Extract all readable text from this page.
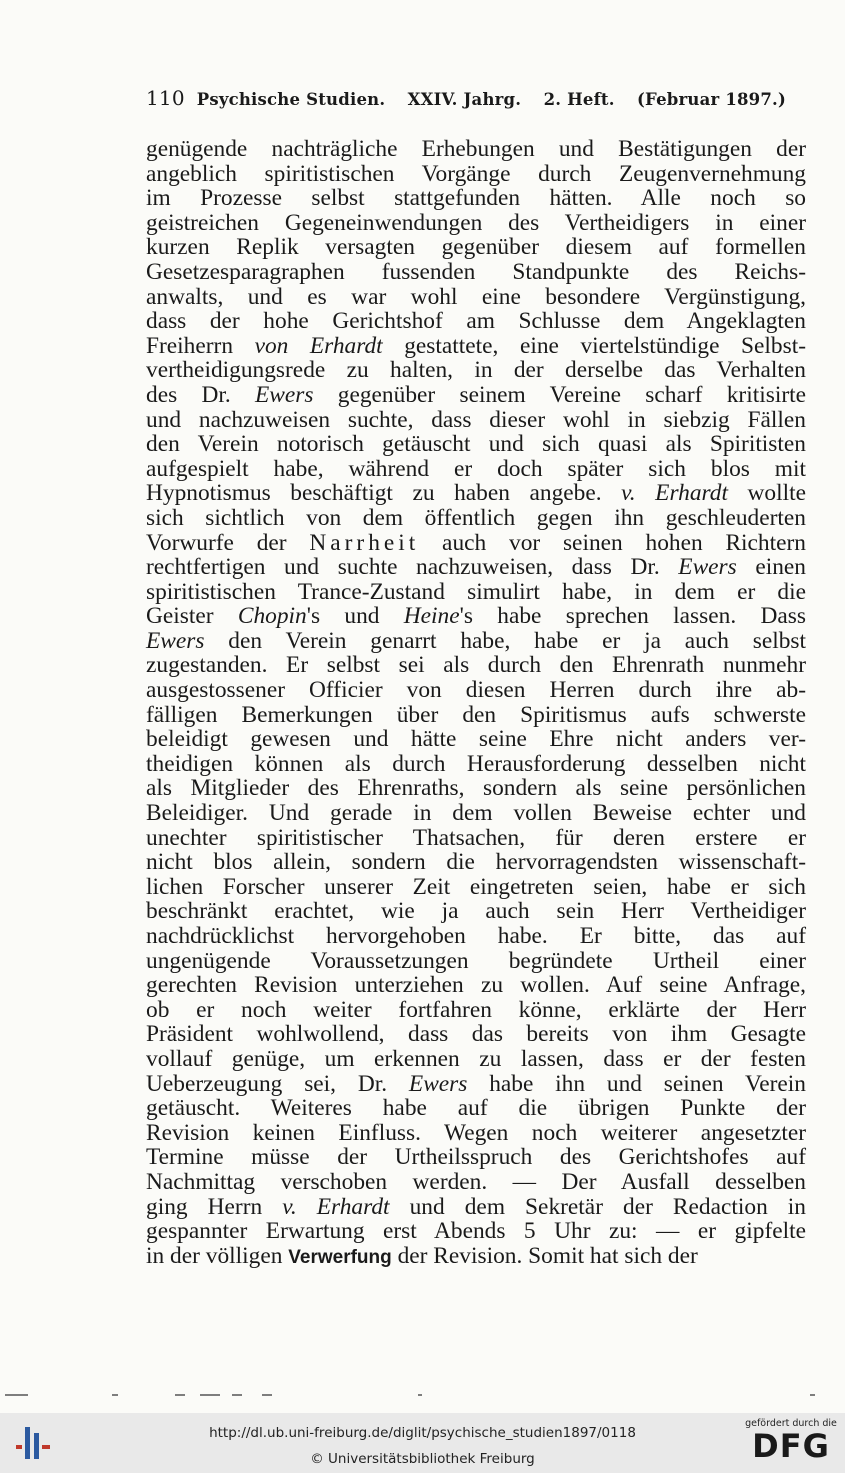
110 Psychische Studien. XXIV. Jahrg. 2. Heft. (Februar 1897.)
genügende nachträgliche Erhebungen und Bestätigungen der
angeblich spiritistischen Vorgänge durch Zeugenvernehmung
im Prozesse selbst stattgefunden hätten. Alle noch so
geistreichen Gegeneinwendungen des Vertheidigers in einer
kurzen Replik versagten gegenüber diesem auf formellen
Gesetzesparagraphen fussenden Standpunkte des Reichs-
anwalts, und es war wohl eine besondere Vergünstigung,
dass der hohe Gerichtshof am Schlusse dem Angeklagten
Freiherrn von Erhardt gestattete, eine viertelstündige Selbst-
vertheidigungsrede zu halten, in der derselbe das Verhalten
des Dr. Ewers gegenüber seinem Vereine scharf kritisirte
und nachzuweisen suchte, dass dieser wohl in siebzig Fällen
den Verein notorisch getäuscht und sich quasi als Spiritisten
aufgespielt habe, während er doch später sich blos mit
Hypnotismus beschäftigt zu haben angebe. v. Erhardt wollte
sich sichtlich von dem öffentlich gegen ihn geschleuderten
Vorwurfe der Narrheit auch vor seinen hohen Richtern
rechtfertigen und suchte nachzuweisen, dass Dr. Ewers einen
spiritistischen Trance-Zustand simulirt habe, in dem er die
Geister Chopin's und Heine's habe sprechen lassen. Dass
Ewers den Verein genarrt habe, habe er ja auch selbst
zugestanden. Er selbst sei als durch den Ehrenrath nunmehr
ausgestossener Officier von diesen Herren durch ihre ab-
fälligen Bemerkungen über den Spiritismus aufs schwerste
beleidigt gewesen und hätte seine Ehre nicht anders ver-
theidigen können als durch Herausforderung desselben nicht
als Mitglieder des Ehrenraths, sondern als seine persönlichen
Beleidiger. Und gerade in dem vollen Beweise echter und
unechter spiritistischer Thatsachen, für deren erstere er
nicht blos allein, sondern die hervorragendsten wissenschaft-
lichen Forscher unserer Zeit eingetreten seien, habe er sich
beschränkt erachtet, wie ja auch sein Herr Vertheidiger
nachdrücklichst hervorgehoben habe. Er bitte, das auf
ungenügende Voraussetzungen begründete Urtheil einer
gerechten Revision unterziehen zu wollen. Auf seine Anfrage,
ob er noch weiter fortfahren könne, erklärte der Herr
Präsident wohlwollend, dass das bereits von ihm Gesagte
vollauf genüge, um erkennen zu lassen, dass er der festen
Ueberzeugung sei, Dr. Ewers habe ihn und seinen Verein
getäuscht. Weiteres habe auf die übrigen Punkte der
Revision keinen Einfluss. Wegen noch weiterer angesetzter
Termine müsse der Urtheilsspruch des Gerichtshofes auf
Nachmittag verschoben werden. — Der Ausfall desselben
ging Herrn v. Erhardt und dem Sekretär der Redaction in
gespannter Erwartung erst Abends 5 Uhr zu: — er gipfelte
in der völligen Verwerfung der Revision. Somit hat sich der
http://dl.ub.uni-freiburg.de/diglit/psychische_studien1897/0118
© Universitätsbibliothek Freiburg
gefördert durch die
DFG
